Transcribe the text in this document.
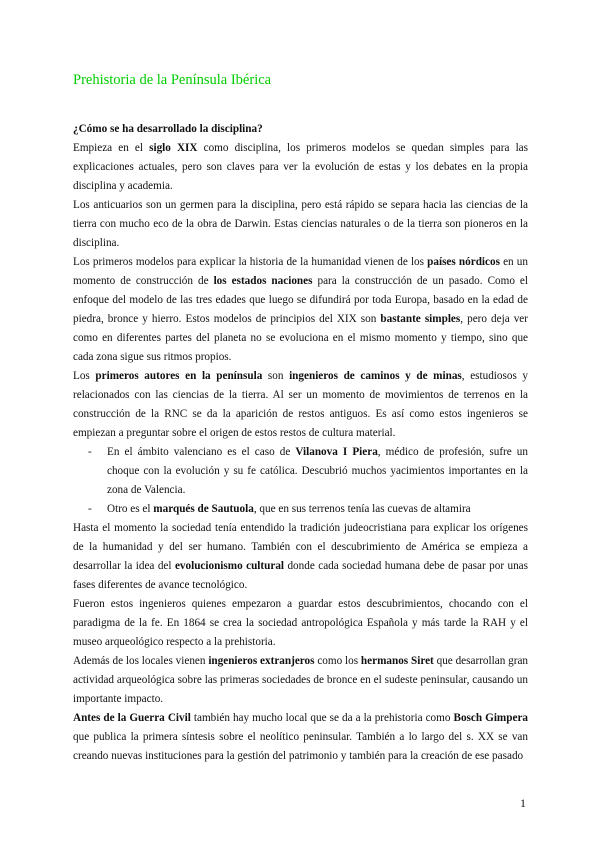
Prehistoria de la Península Ibérica
¿Cómo se ha desarrollado la disciplina?

Empieza en el siglo XIX como disciplina, los primeros modelos se quedan simples para las explicaciones actuales, pero son claves para ver la evolución de estas y los debates en la propia disciplina y academia.

Los anticuarios son un germen para la disciplina, pero está rápido se separa hacia las ciencias de la tierra con mucho eco de la obra de Darwin. Estas ciencias naturales o de la tierra son pioneros en la disciplina.

Los primeros modelos para explicar la historia de la humanidad vienen de los países nórdicos en un momento de construcción de los estados naciones para la construcción de un pasado. Como el enfoque del modelo de las tres edades que luego se difundirá por toda Europa, basado en la edad de piedra, bronce y hierro. Estos modelos de principios del XIX son bastante simples, pero deja ver como en diferentes partes del planeta no se evoluciona en el mismo momento y tiempo, sino que cada zona sigue sus ritmos propios.

Los primeros autores en la península son ingenieros de caminos y de minas, estudiosos y relacionados con las ciencias de la tierra. Al ser un momento de movimientos de terrenos en la construcción de la RNC se da la aparición de restos antiguos. Es así como estos ingenieros se empiezan a preguntar sobre el origen de estos restos de cultura material.

- En el ámbito valenciano es el caso de Vilanova I Piera, médico de profesión, sufre un choque con la evolución y su fe católica. Descubrió muchos yacimientos importantes en la zona de Valencia.
- Otro es el marqués de Sautuola, que en sus terrenos tenía las cuevas de altamira

Hasta el momento la sociedad tenía entendido la tradición judeocristiana para explicar los orígenes de la humanidad y del ser humano. También con el descubrimiento de América se empieza a desarrollar la idea del evolucionismo cultural donde cada sociedad humana debe de pasar por unas fases diferentes de avance tecnológico.

Fueron estos ingenieros quienes empezaron a guardar estos descubrimientos, chocando con el paradigma de la fe. En 1864 se crea la sociedad antropológica Española y más tarde la RAH y el museo arqueológico respecto a la prehistoria.

Además de los locales vienen ingenieros extranjeros como los hermanos Siret que desarrollan gran actividad arqueológica sobre las primeras sociedades de bronce en el sudeste peninsular, causando un importante impacto.

Antes de la Guerra Civil también hay mucho local que se da a la prehistoria como Bosch Gimpera que publica la primera síntesis sobre el neolítico peninsular. También a lo largo del s. XX se van creando nuevas instituciones para la gestión del patrimonio y también para la creación de ese pasado

1
